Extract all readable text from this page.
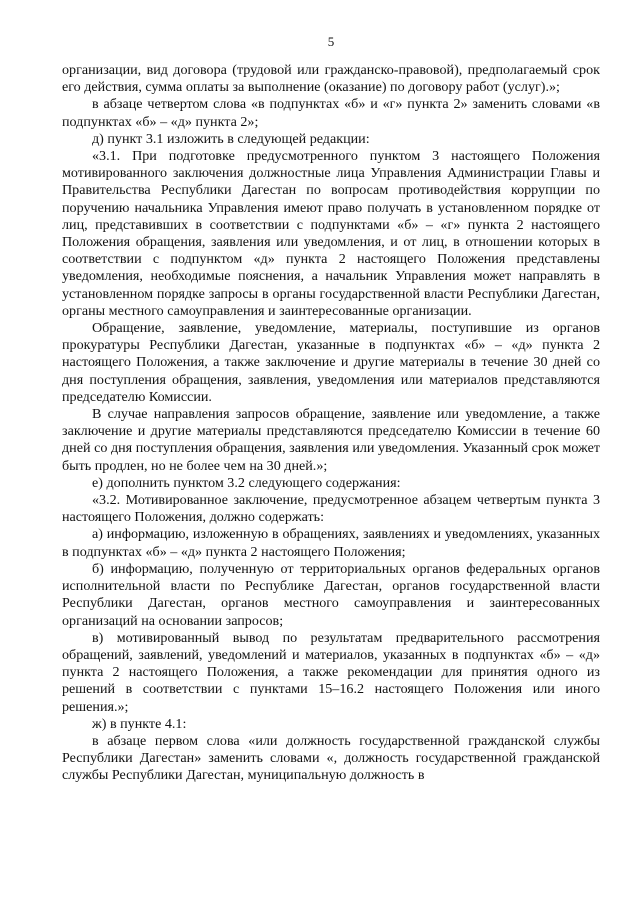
5

организации, вид договора (трудовой или гражданско-правовой), предполагаемый срок его действия, сумма оплаты за выполнение (оказание) по договору работ (услуг).»;

в абзаце четвертом слова «в подпунктах «б» и «г» пункта 2» заменить словами «в подпунктах «б» – «д» пункта 2»;

д) пункт 3.1 изложить в следующей редакции:

«3.1. При подготовке предусмотренного пунктом 3 настоящего Положения мотивированного заключения должностные лица Управления Администрации Главы и Правительства Республики Дагестан по вопросам противодействия коррупции по поручению начальника Управления имеют право получать в установленном порядке от лиц, представивших в соответствии с подпунктами «б» – «г» пункта 2 настоящего Положения обращения, заявления или уведомления, и от лиц, в отношении которых в соответствии с подпунктом «д» пункта 2 настоящего Положения представлены уведомления, необходимые пояснения, а начальник Управления может направлять в установленном порядке запросы в органы государственной власти Республики Дагестан, органы местного самоуправления и заинтересованные организации.

Обращение, заявление, уведомление, материалы, поступившие из органов прокуратуры Республики Дагестан, указанные в подпунктах «б» – «д» пункта 2 настоящего Положения, а также заключение и другие материалы в течение 30 дней со дня поступления обращения, заявления, уведомления или материалов представляются председателю Комиссии.

В случае направления запросов обращение, заявление или уведомление, а также заключение и другие материалы представляются председателю Комиссии в течение 60 дней со дня поступления обращения, заявления или уведомления. Указанный срок может быть продлен, но не более чем на 30 дней.»;

е) дополнить пунктом 3.2 следующего содержания:

«3.2. Мотивированное заключение, предусмотренное абзацем четвертым пункта 3 настоящего Положения, должно содержать:

а) информацию, изложенную в обращениях, заявлениях и уведомлениях, указанных в подпунктах «б» – «д» пункта 2 настоящего Положения;

б) информацию, полученную от территориальных органов федеральных органов исполнительной власти по Республике Дагестан, органов государственной власти Республики Дагестан, органов местного самоуправления и заинтересованных организаций на основании запросов;

в) мотивированный вывод по результатам предварительного рассмотрения обращений, заявлений, уведомлений и материалов, указанных в подпунктах «б» – «д» пункта 2 настоящего Положения, а также рекомендации для принятия одного из решений в соответствии с пунктами 15–16.2 настоящего Положения или иного решения.»;

ж) в пункте 4.1:

в абзаце первом слова «или должность государственной гражданской службы Республики Дагестан» заменить словами «, должность государственной гражданской службы Республики Дагестан, муниципальную должность в
